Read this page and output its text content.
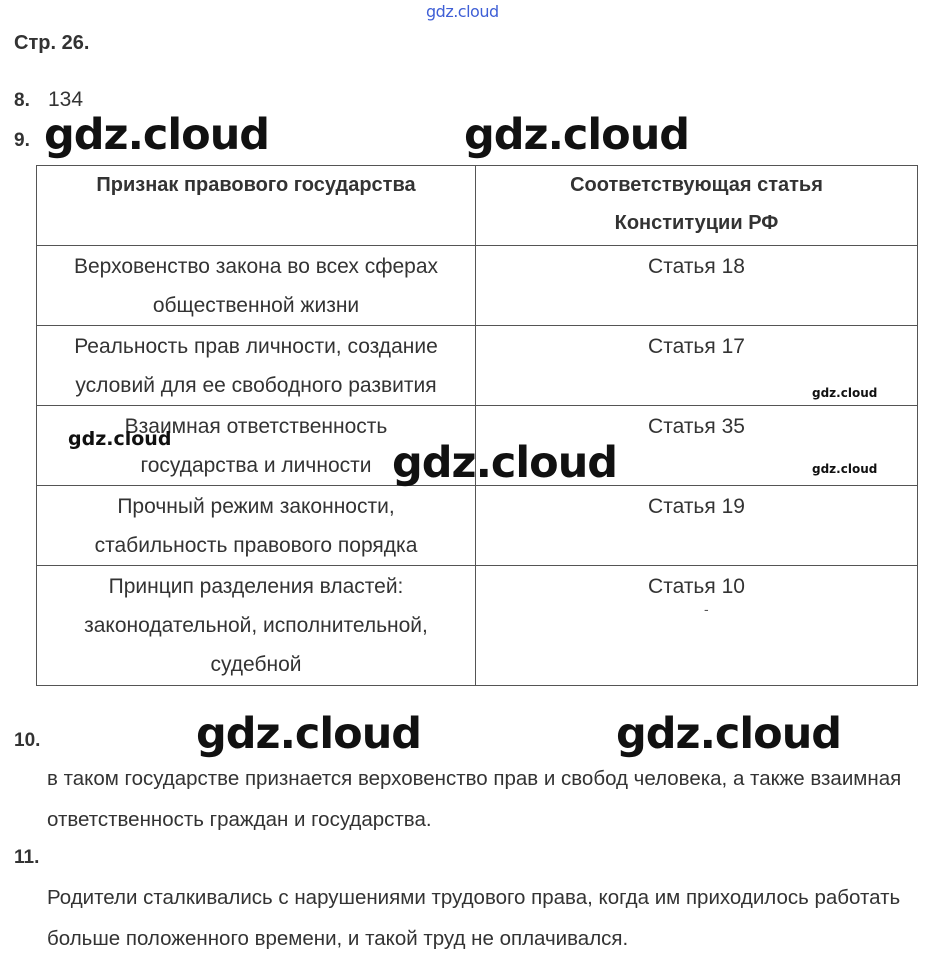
gdz.cloud
Стр. 26.
8. 134
9. gdz.cloud	gdz.cloud
Признак правового государства	Соответствующая статья Конституции РФ
Верховенство закона во всех сферах общественной жизни	Статья 18
Реальность прав личности, создание условий для ее свободного развития	Статья 17
Взаимная ответственность государства и личности	Статья 35
Прочный режим законности, стабильность правового порядка	Статья 19
Принцип разделения властей: законодательной, исполнительной, судебной	Статья 10
-
gdz.cloud
gdz.cloud
gdz.cloud	gdz.cloud
10.	gdz.cloud	gdz.cloud
в таком государстве признается верховенство прав и свобод человека, а также взаимная ответственность граждан и государства.
11.
Родители сталкивались с нарушениями трудового права, когда им приходилось работать больше положенного времени, и такой труд не оплачивался.
